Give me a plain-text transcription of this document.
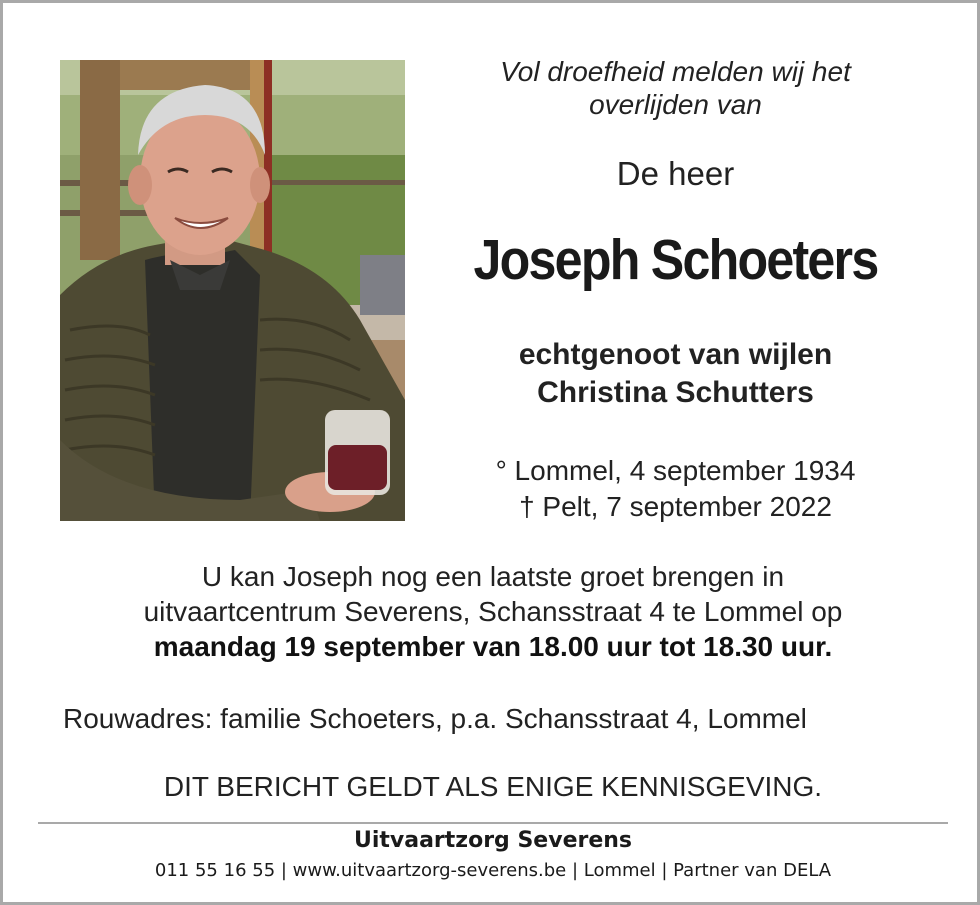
Vol droefheid melden wij het
overlijden van
De heer
Joseph Schoeters
echtgenoot van wijlen
Christina Schutters
° Lommel, 4 september 1934
† Pelt, 7 september 2022
U kan Joseph nog een laatste groet brengen in
uitvaartcentrum Severens, Schansstraat 4 te Lommel op
maandag 19 september van 18.00 uur tot 18.30 uur.
Rouwadres: familie Schoeters, p.a. Schansstraat 4, Lommel
DIT BERICHT GELDT ALS ENIGE KENNISGEVING.
Uitvaartzorg Severens
011 55 16 55 | www.uitvaartzorg-severens.be | Lommel | Partner van DELA
